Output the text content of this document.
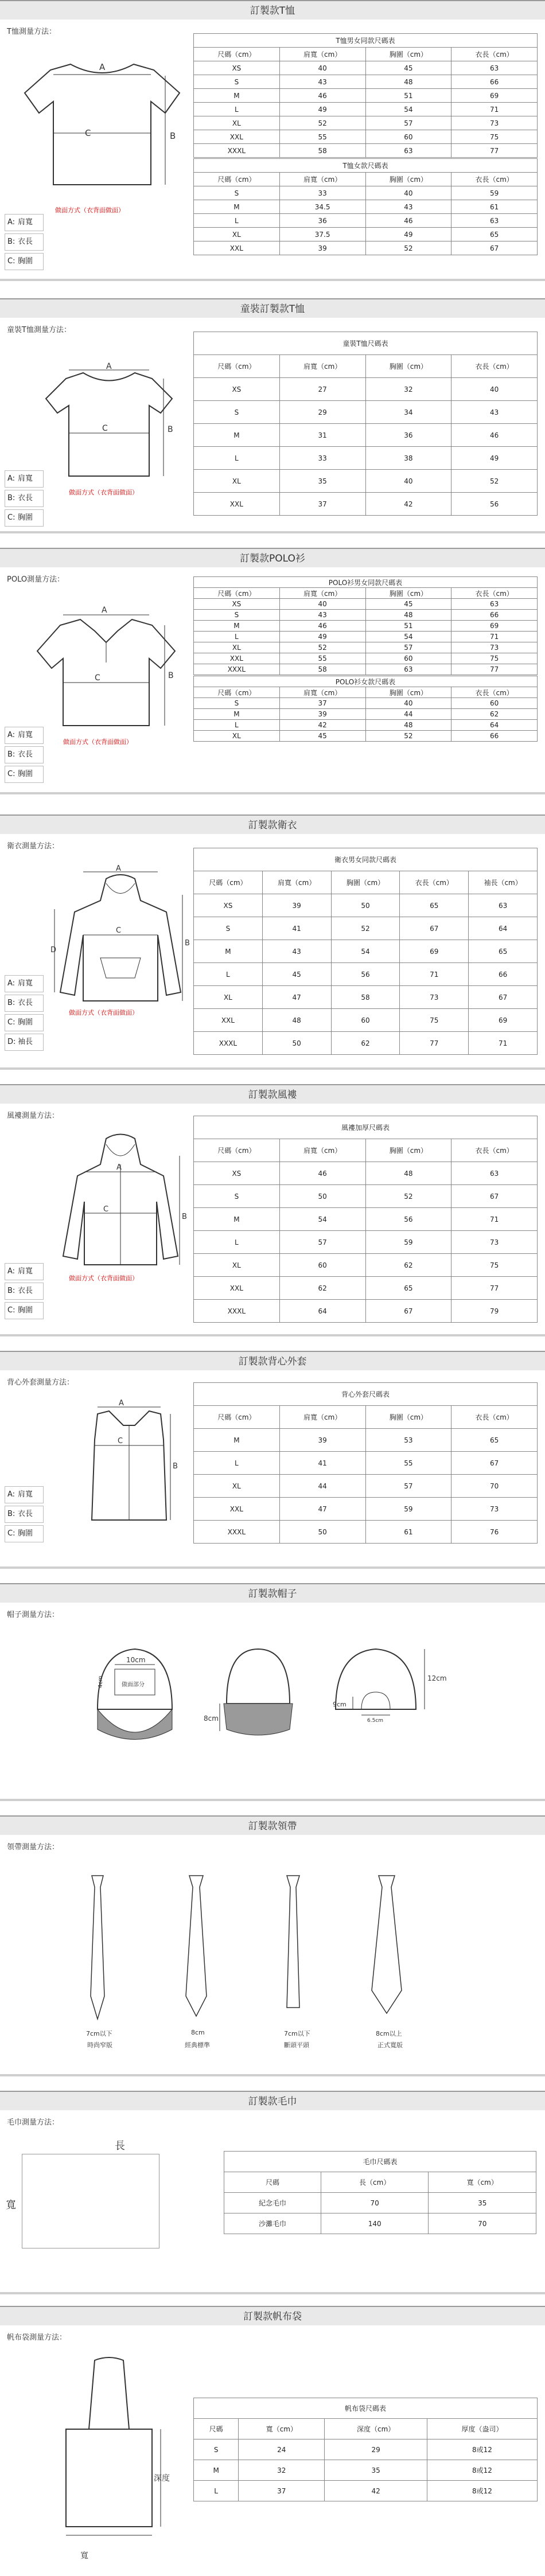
訂製款T恤
T恤測量方法：
A
C	B
做面方式（衣背面做面）
A: 肩寬
B: 衣長
C: 胸圍
T恤男女同款尺碼表			
尺碼（cm）	肩寬（cm）	胸圍（cm）	衣長（cm）
XS	40	45	63
S	43	48	66
M	46	51	69
L	49	54	71
XL	52	57	73
XXL	55	60	75
XXXL	58	63	77
T恤女款尺碼表			
尺碼（cm）	肩寬（cm）	胸圍（cm）	衣長（cm）
S	33	40	59
M	34.5	43	61
L	36	46	63
XL	37.5	49	65
XXL	39	52	67
童裝訂製款T恤
童裝T恤測量方法：
A
C	B
做面方式（衣背面做面）
A: 肩寬
B: 衣長
C: 胸圍
童裝T恤尺碼表			
尺碼（cm）	肩寬（cm）	胸圍（cm）	衣長（cm）
XS	27	32	40
S	29	34	43
M	31	36	46
L	33	38	49
XL	35	40	52
XXL	37	42	56
訂製款POLO衫
POLO測量方法：
A
C	B
做面方式（衣背面做面）
A: 肩寬
B: 衣長
C: 胸圍
POLO衫男女同款尺碼表			
尺碼（cm）	肩寬（cm）	胸圍（cm）	衣長（cm）
XS	40	45	63
S	43	48	66
M	46	51	69
L	49	54	71
XL	52	57	73
XXL	55	60	75
XXXL	58	63	77
POLO衫女款尺碼表			
尺碼（cm）	肩寬（cm）	胸圍（cm）	衣長（cm）
S	37	40	60
M	39	44	62
L	42	48	64
XL	45	52	66
訂製款衛衣
衛衣測量方法：
A
C
B
D
做面方式（衣背面做面）
A: 肩寬
B: 衣長
C: 胸圍
D: 袖長
衛衣男女同款尺碼表				
尺碼（cm）	肩寬（cm）	胸圍（cm）	衣長（cm）	袖長（cm）
XS	39	50	65	63
S	41	52	67	64
M	43	54	69	65
L	45	56	71	66
XL	47	58	73	67
XXL	48	60	75	69
XXXL	50	62	77	71
訂製款風褸
風褸測量方法：
A
C
B
做面方式（衣背面做面）
A: 肩寬
B: 衣長
C: 胸圍
風褸加厚尺碼表			
尺碼（cm）	肩寬（cm）	胸圍（cm）	衣長（cm）
XS	46	48	63
S	50	52	67
M	54	56	71
L	57	59	73
XL	60	62	75
XXL	62	65	77
XXXL	64	67	79
訂製款背心外套
背心外套測量方法：
A
C
B
A: 肩寬
B: 衣長
C: 胸圍
背心外套尺碼表			
尺碼（cm）	肩寬（cm）	胸圍（cm）	衣長（cm）
M	39	53	65
L	41	55	67
XL	44	57	70
XXL	47	59	73
XXXL	50	61	76
訂製款帽子
帽子測量方法：
10cm
做面部分
4cm
8cm
12cm
9cm
6.5cm
訂製款領帶
領帶測量方法：
7cm以下
時尚窄版
8cm
經典標準
7cm以下
斷頭平頭
8cm以上
正式寬版
訂製款毛巾
毛巾測量方法：
長
寬
毛巾尺碼表		
尺碼	長（cm）	寬（cm）
紀念毛巾	70	35
沙灘毛巾	140	70
訂製款帆布袋
帆布袋測量方法：
深度
寬
帆布袋尺碼表			
尺碼	寬（cm）	深度（cm）	厚度（盎司）
S	24	29	8或12
M	32	35	8或12
L	37	42	8或12
